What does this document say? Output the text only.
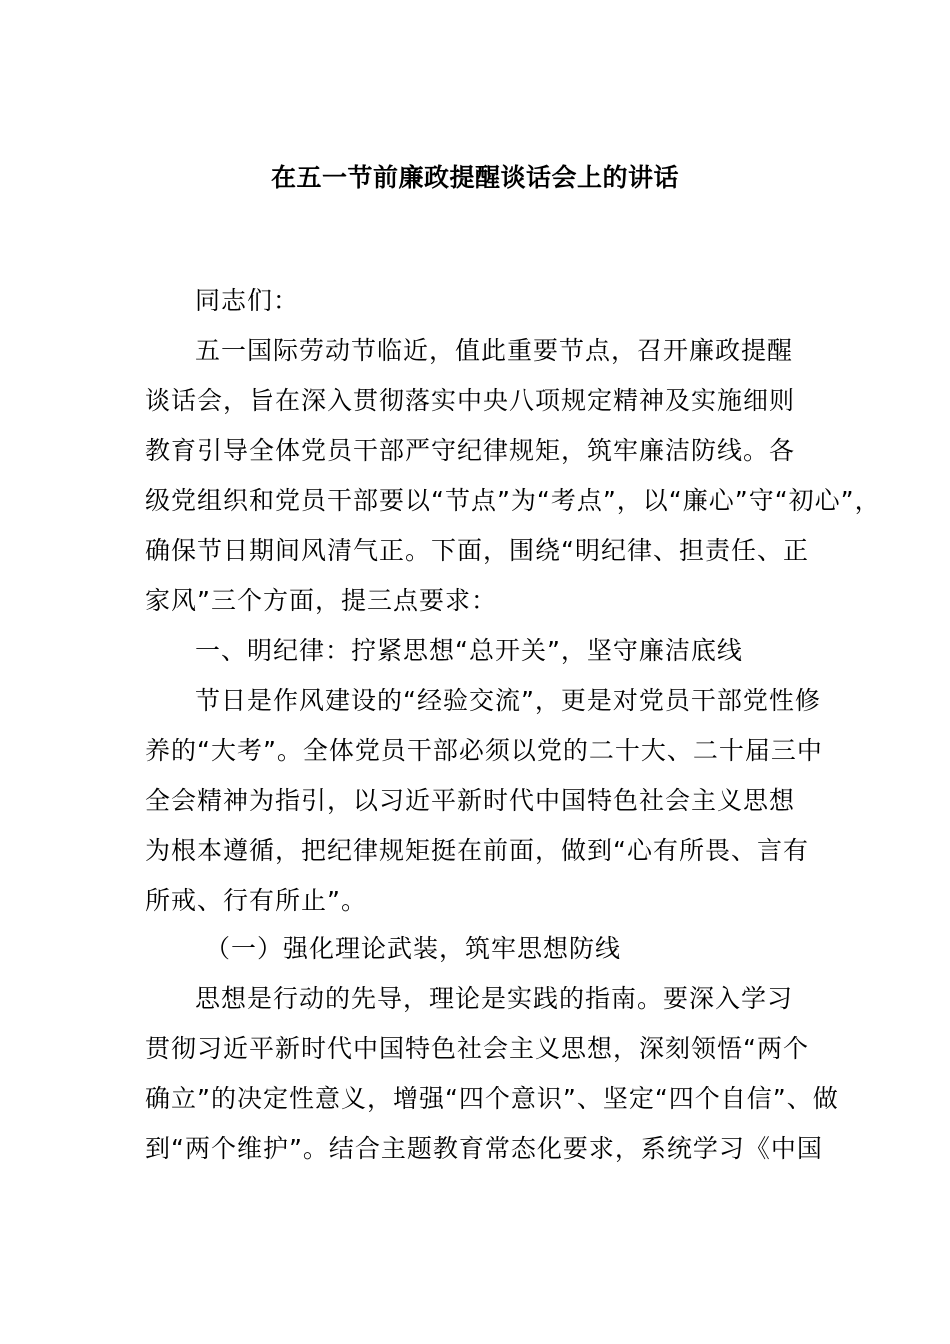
在五一节前廉政提醒谈话会上的讲话
同志们：
五一国际劳动节临近，值此重要节点，召开廉政提醒
谈话会，旨在深入贯彻落实中央八项规定精神及实施细则
教育引导全体党员干部严守纪律规矩，筑牢廉洁防线。各
级党组织和党员干部要以“节点”为“考点”，以“廉心”守“初心”，
确保节日期间风清气正。下面，围绕“明纪律、担责任、正
家风”三个方面，提三点要求：
一、明纪律：拧紧思想“总开关”，坚守廉洁底线
节日是作风建设的“经验交流”，更是对党员干部党性修
养的“大考”。全体党员干部必须以党的二十大、二十届三中
全会精神为指引，以习近平新时代中国特色社会主义思想
为根本遵循，把纪律规矩挺在前面，做到“心有所畏、言有
所戒、行有所止”。
（一）强化理论武装，筑牢思想防线
思想是行动的先导，理论是实践的指南。要深入学习
贯彻习近平新时代中国特色社会主义思想，深刻领悟“两个
确立”的决定性意义，增强“四个意识”、坚定“四个自信”、做
到“两个维护”。结合主题教育常态化要求，系统学习《中国
